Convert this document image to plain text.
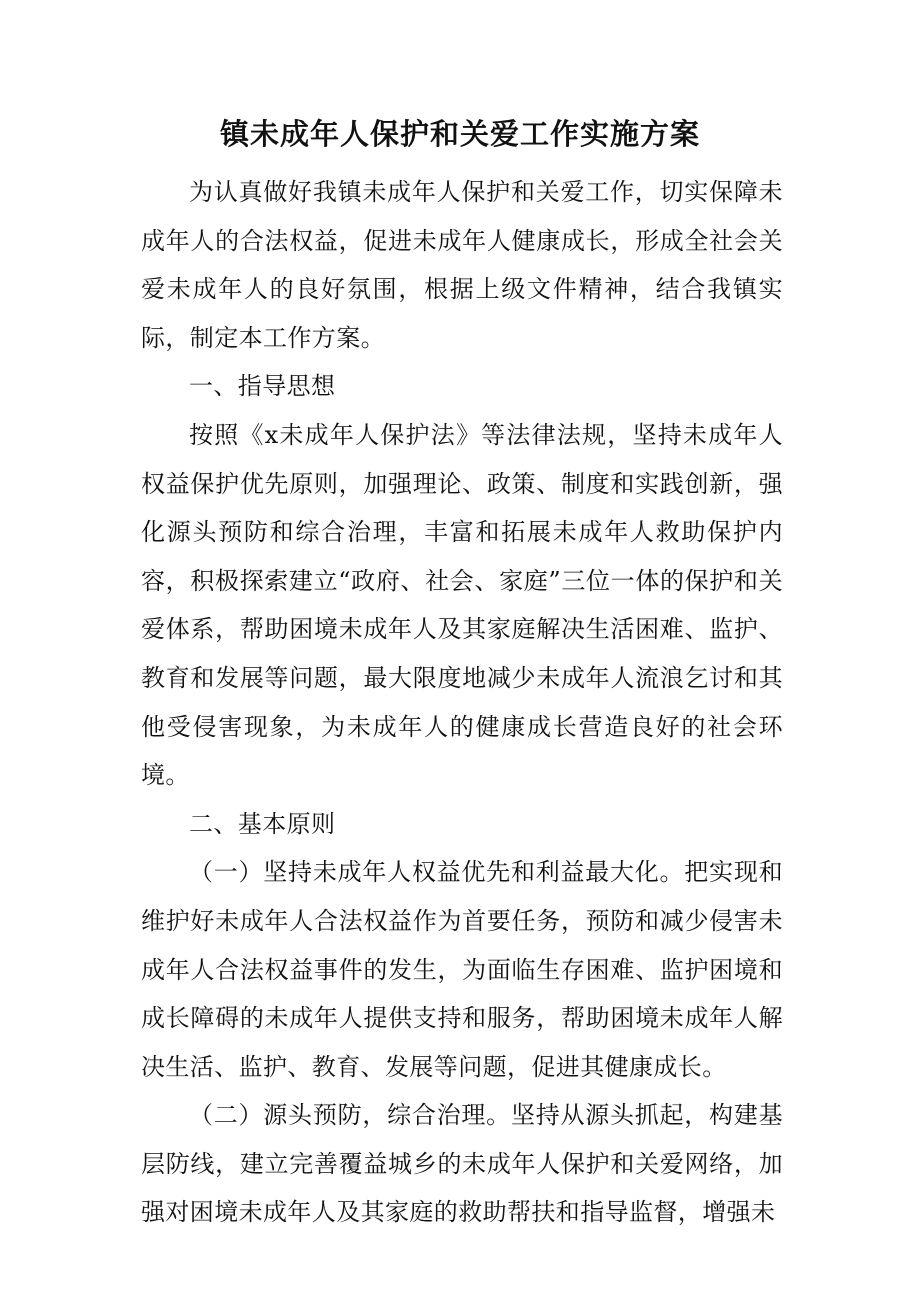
镇未成年人保护和关爱工作实施方案

为认真做好我镇未成年人保护和关爱工作，切实保障未成年人的合法权益，促进未成年人健康成长，形成全社会关爱未成年人的良好氛围，根据上级文件精神，结合我镇实际，制定本工作方案。

一、指导思想

按照《x未成年人保护法》等法律法规，坚持未成年人权益保护优先原则，加强理论、政策、制度和实践创新，强化源头预防和综合治理，丰富和拓展未成年人救助保护内容，积极探索建立“政府、社会、家庭”三位一体的保护和关爱体系，帮助困境未成年人及其家庭解决生活困难、监护、教育和发展等问题，最大限度地减少未成年人流浪乞讨和其他受侵害现象，为未成年人的健康成长营造良好的社会环境。

二、基本原则

（一）坚持未成年人权益优先和利益最大化。把实现和维护好未成年人合法权益作为首要任务，预防和减少侵害未成年人合法权益事件的发生，为面临生存困难、监护困境和成长障碍的未成年人提供支持和服务，帮助困境未成年人解决生活、监护、教育、发展等问题，促进其健康成长。

（二）源头预防，综合治理。坚持从源头抓起，构建基层防线，建立完善覆益城乡的未成年人保护和关爱网络，加强对困境未成年人及其家庭的救助帮扶和指导监督，增强未
